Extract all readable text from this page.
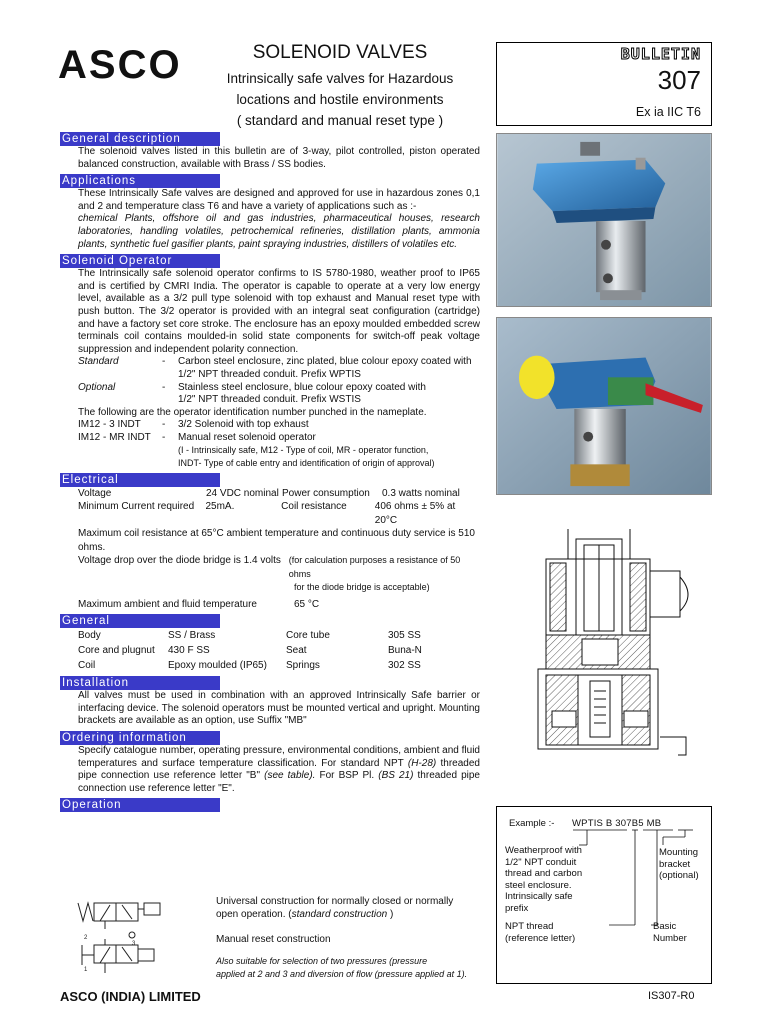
ASCO	SOLENOID VALVES
Intrinsically safe valves for Hazardous
locations and hostile environments
( standard and manual reset type )
BULLETIN
307
Ex ia IIC T6
General description
The solenoid valves listed in this bulletin are of 3-way, pilot controlled, piston operated balanced construction, available with Brass / SS bodies.
Applications
These Intrinsically Safe valves are designed and approved for use in hazardous zones 0,1 and 2 and temperature class T6 and have a variety of applications such as :-
chemical Plants, offshore oil and gas industries, pharmaceutical houses, research laboratories, handling volatiles, petrochemical refineries, distillation plants, ammonia plants, synthetic fuel gasifier plants, paint spraying industries, distillers of volatiles etc.
Solenoid Operator
The Intrinsically safe solenoid operator confirms to IS 5780-1980, weather proof to IP65 and is certified by CMRI India. The operator is capable to operate at a very low energy level, available as a 3/2 pull type solenoid with top exhaust and Manual reset type with push button. The 3/2 operator is provided with an integral seat configuration (cartridge) and have a factory set core stroke. The enclosure has an epoxy moulded embedded screw terminals coil contains moulded-in solid state components for switch-off peak voltage suppression and independent polarity connection.
Standard	-	Carbon steel enclosure, zinc plated, blue colour epoxy coated with
1/2" NPT threaded conduit. Prefix WPTIS
Optional	-	Stainless steel enclosure, blue colour epoxy coated with
1/2" NPT threaded conduit. Prefix WSTIS
The following are the operator identification number punched in the nameplate.
IM12 - 3 INDT	-	3/2 Solenoid with top exhaust
IM12 - MR INDT	-	Manual reset solenoid operator
(I - Intrinsically safe, M12 - Type of coil, MR - operator function,
INDT- Type of cable entry and identification of origin of approval)
Electrical
Voltage	24 VDC nominal Power consumption	0.3 watts nominal
Minimum Current required	25mA.	Coil resistance	406 ohms ± 5% at 20°C
Maximum coil resistance at 65°C ambient temperature and continuous duty service is 510 ohms.
Voltage drop over the diode bridge is 1.4 volts (for calculation purposes a resistance of 50 ohms
for the diode bridge is acceptable)
Maximum ambient and fluid temperature	65 °C
General
Body	SS / Brass	Core tube	305 SS
Core and plugnut	430 F SS	Seat	Buna-N
Coil	Epoxy moulded (IP65)	Springs	302 SS
Installation
All valves must be used in combination with an approved Intrinsically Safe barrier or interfacing device. The solenoid operators must be mounted vertical and upright. Mounting brackets are available as an option, use Suffix "MB"
Ordering information
Specify catalogue number, operating pressure, environmental conditions, ambient and fluid temperatures and surface temperature classification. For standard NPT (H-28) threaded pipe connection use reference letter "B" (see table). For BSP Pl. (BS 21) threaded pipe connection use reference letter "E".
Operation
2
1
3
Universal construction for normally closed or normally open operation. (standard construction )
Manual reset construction
Also suitable for selection of two pressures (pressure
applied at 2 and 3 and diversion of flow (pressure applied at 1).
Example :- WPTIS B 307B5 MB
Weatherproof with
1/2" NPT conduit
thread and carbon
steel enclosure.
Intrinsically safe
prefix
NPT thread
(reference letter)
Basic
Number
Mounting
bracket
(optional)
ASCO (INDIA) LIMITED	IS307-R0
